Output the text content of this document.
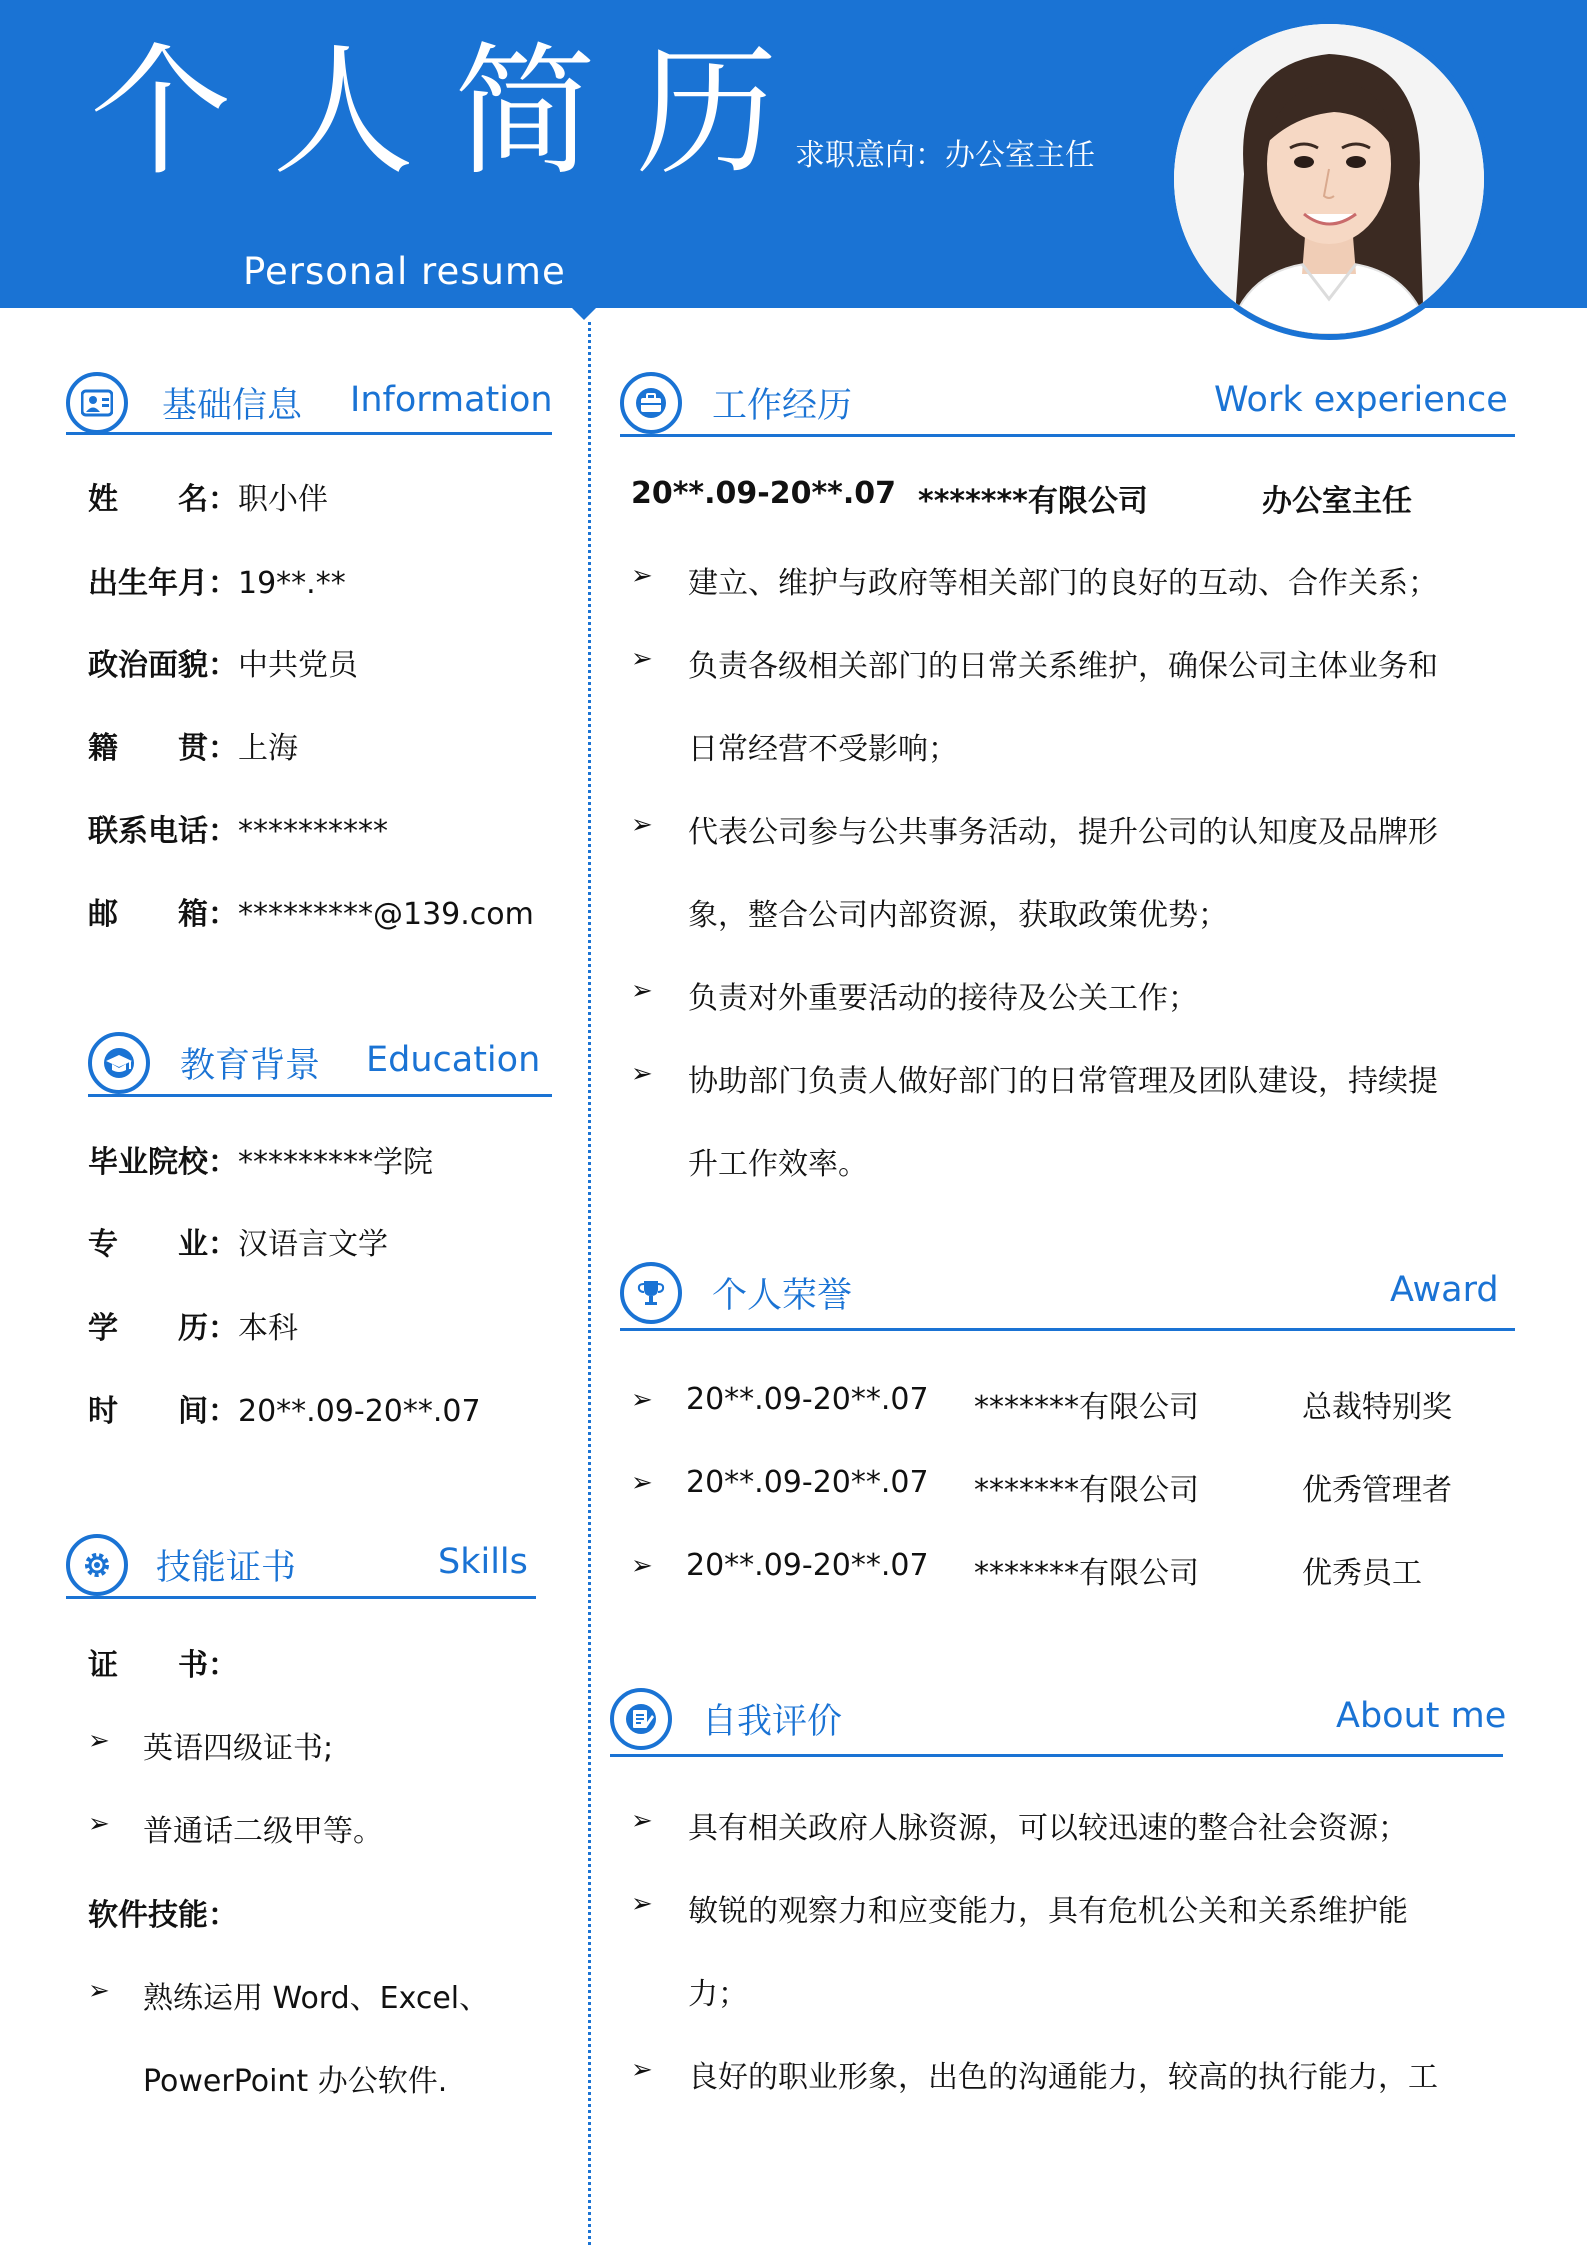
个人简历
Personal resume
求职意向：办公室主任
基础信息 Information
姓　　名：职小伴
出生年月：19**.**
政治面貌：中共党员
籍　　贯：上海
联系电话：**********
邮　　箱：*********@139.com
教育背景 Education
毕业院校：*********学院
专　　业：汉语言文学
学　　历：本科
时　　间：20**.09-20**.07
技能证书	Skills
证　　书：
➢ 英语四级证书;
➢ 普通话二级甲等。
软件技能：
➢ 熟练运用 Word、Excel、
PowerPoint 办公软件.
工作经历	Work experience
20**.09-20**.07 *******有限公司	办公室主任
➢ 建立、维护与政府等相关部门的良好的互动、合作关系；
➢ 负责各级相关部门的日常关系维护，确保公司主体业务和
日常经营不受影响；
➢ 代表公司参与公共事务活动，提升公司的认知度及品牌形
象，整合公司内部资源，获取政策优势；
➢ 负责对外重要活动的接待及公关工作；
➢ 协助部门负责人做好部门的日常管理及团队建设，持续提
升工作效率。
个人荣誉	Award
➢ 20**.09-20**.07 *******有限公司	总裁特别奖
➢ 20**.09-20**.07 *******有限公司	优秀管理者
➢ 20**.09-20**.07 *******有限公司	优秀员工
自我评价	About me
➢ 具有相关政府人脉资源，可以较迅速的整合社会资源；
➢ 敏锐的观察力和应变能力，具有危机公关和关系维护能
力；
➢ 良好的职业形象，出色的沟通能力，较高的执行能力，工
